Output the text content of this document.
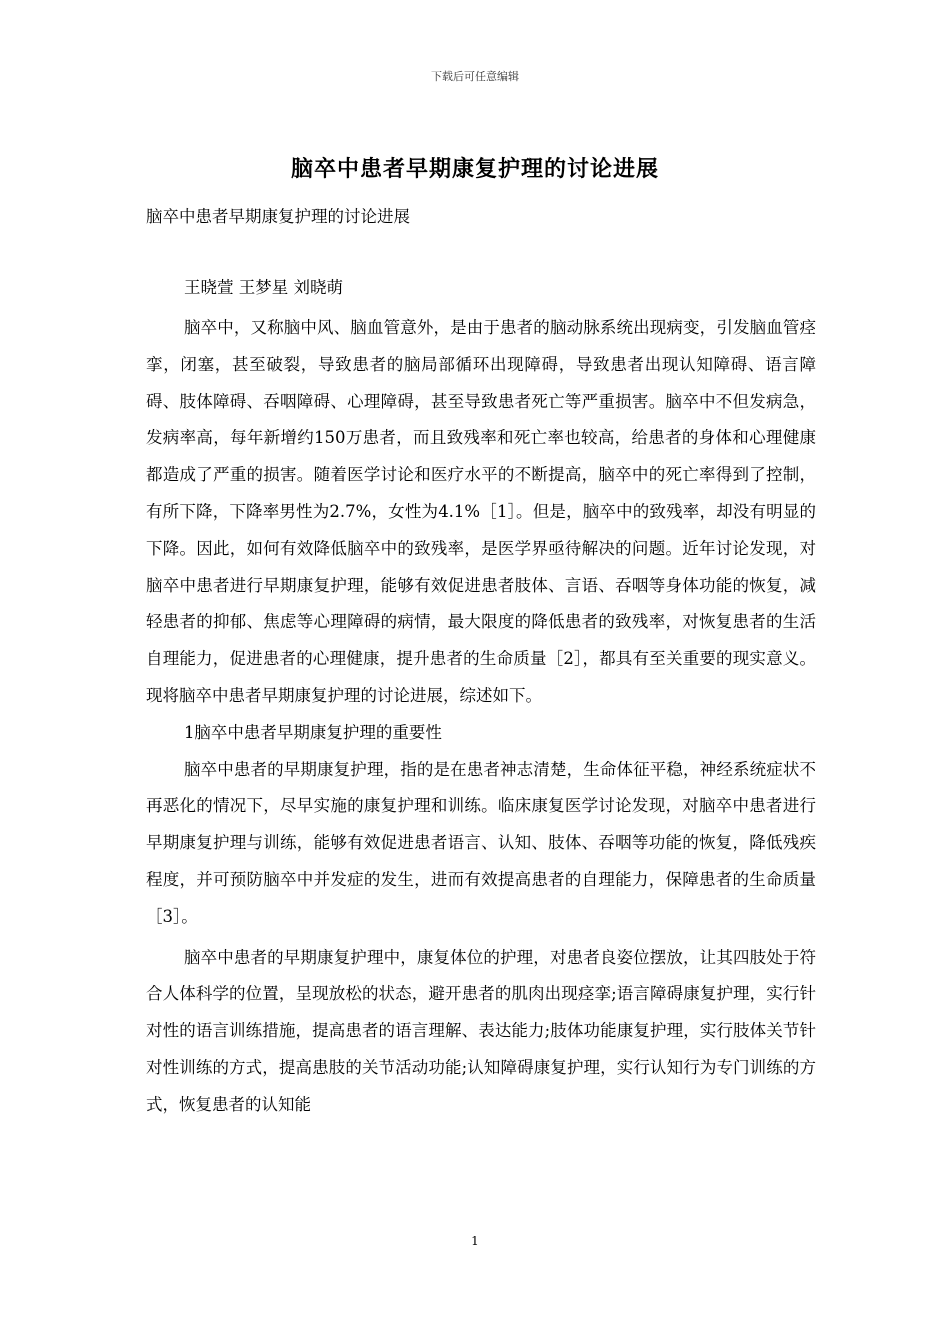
下载后可任意编辑
脑卒中患者早期康复护理的讨论进展
脑卒中患者早期康复护理的讨论进展
王晓萱 王梦星 刘晓萌

脑卒中，又称脑中风、脑血管意外，是由于患者的脑动脉系统出现病变，引发脑血管痉挛，闭塞，甚至破裂，导致患者的脑局部循环出现障碍，导致患者出现认知障碍、语言障碍、肢体障碍、吞咽障碍、心理障碍，甚至导致患者死亡等严重损害。脑卒中不但发病急，发病率高，每年新增约150万患者，而且致残率和死亡率也较高，给患者的身体和心理健康都造成了严重的损害。随着医学讨论和医疗水平的不断提高，脑卒中的死亡率得到了控制，有所下降，下降率男性为2.7%，女性为4.1%［1］。但是，脑卒中的致残率，却没有明显的下降。因此，如何有效降低脑卒中的致残率，是医学界亟待解决的问题。近年讨论发现，对脑卒中患者进行早期康复护理，能够有效促进患者肢体、言语、吞咽等身体功能的恢复，减轻患者的抑郁、焦虑等心理障碍的病情，最大限度的降低患者的致残率，对恢复患者的生活自理能力，促进患者的心理健康，提升患者的生命质量［2］，都具有至关重要的现实意义。现将脑卒中患者早期康复护理的讨论进展，综述如下。

1脑卒中患者早期康复护理的重要性

脑卒中患者的早期康复护理，指的是在患者神志清楚，生命体征平稳，神经系统症状不再恶化的情况下，尽早实施的康复护理和训练。临床康复医学讨论发现，对脑卒中患者进行早期康复护理与训练，能够有效促进患者语言、认知、肢体、吞咽等功能的恢复，降低残疾程度，并可预防脑卒中并发症的发生，进而有效提高患者的自理能力，保障患者的生命质量［3］。

脑卒中患者的早期康复护理中，康复体位的护理，对患者良姿位摆放，让其四肢处于符合人体科学的位置，呈现放松的状态，避开患者的肌肉出现痉挛;语言障碍康复护理，实行针对性的语言训练措施，提高患者的语言理解、表达能力;肢体功能康复护理，实行肢体关节针对性训练的方式，提高患肢的关节活动功能;认知障碍康复护理，实行认知行为专门训练的方式，恢复患者的认知能

1
